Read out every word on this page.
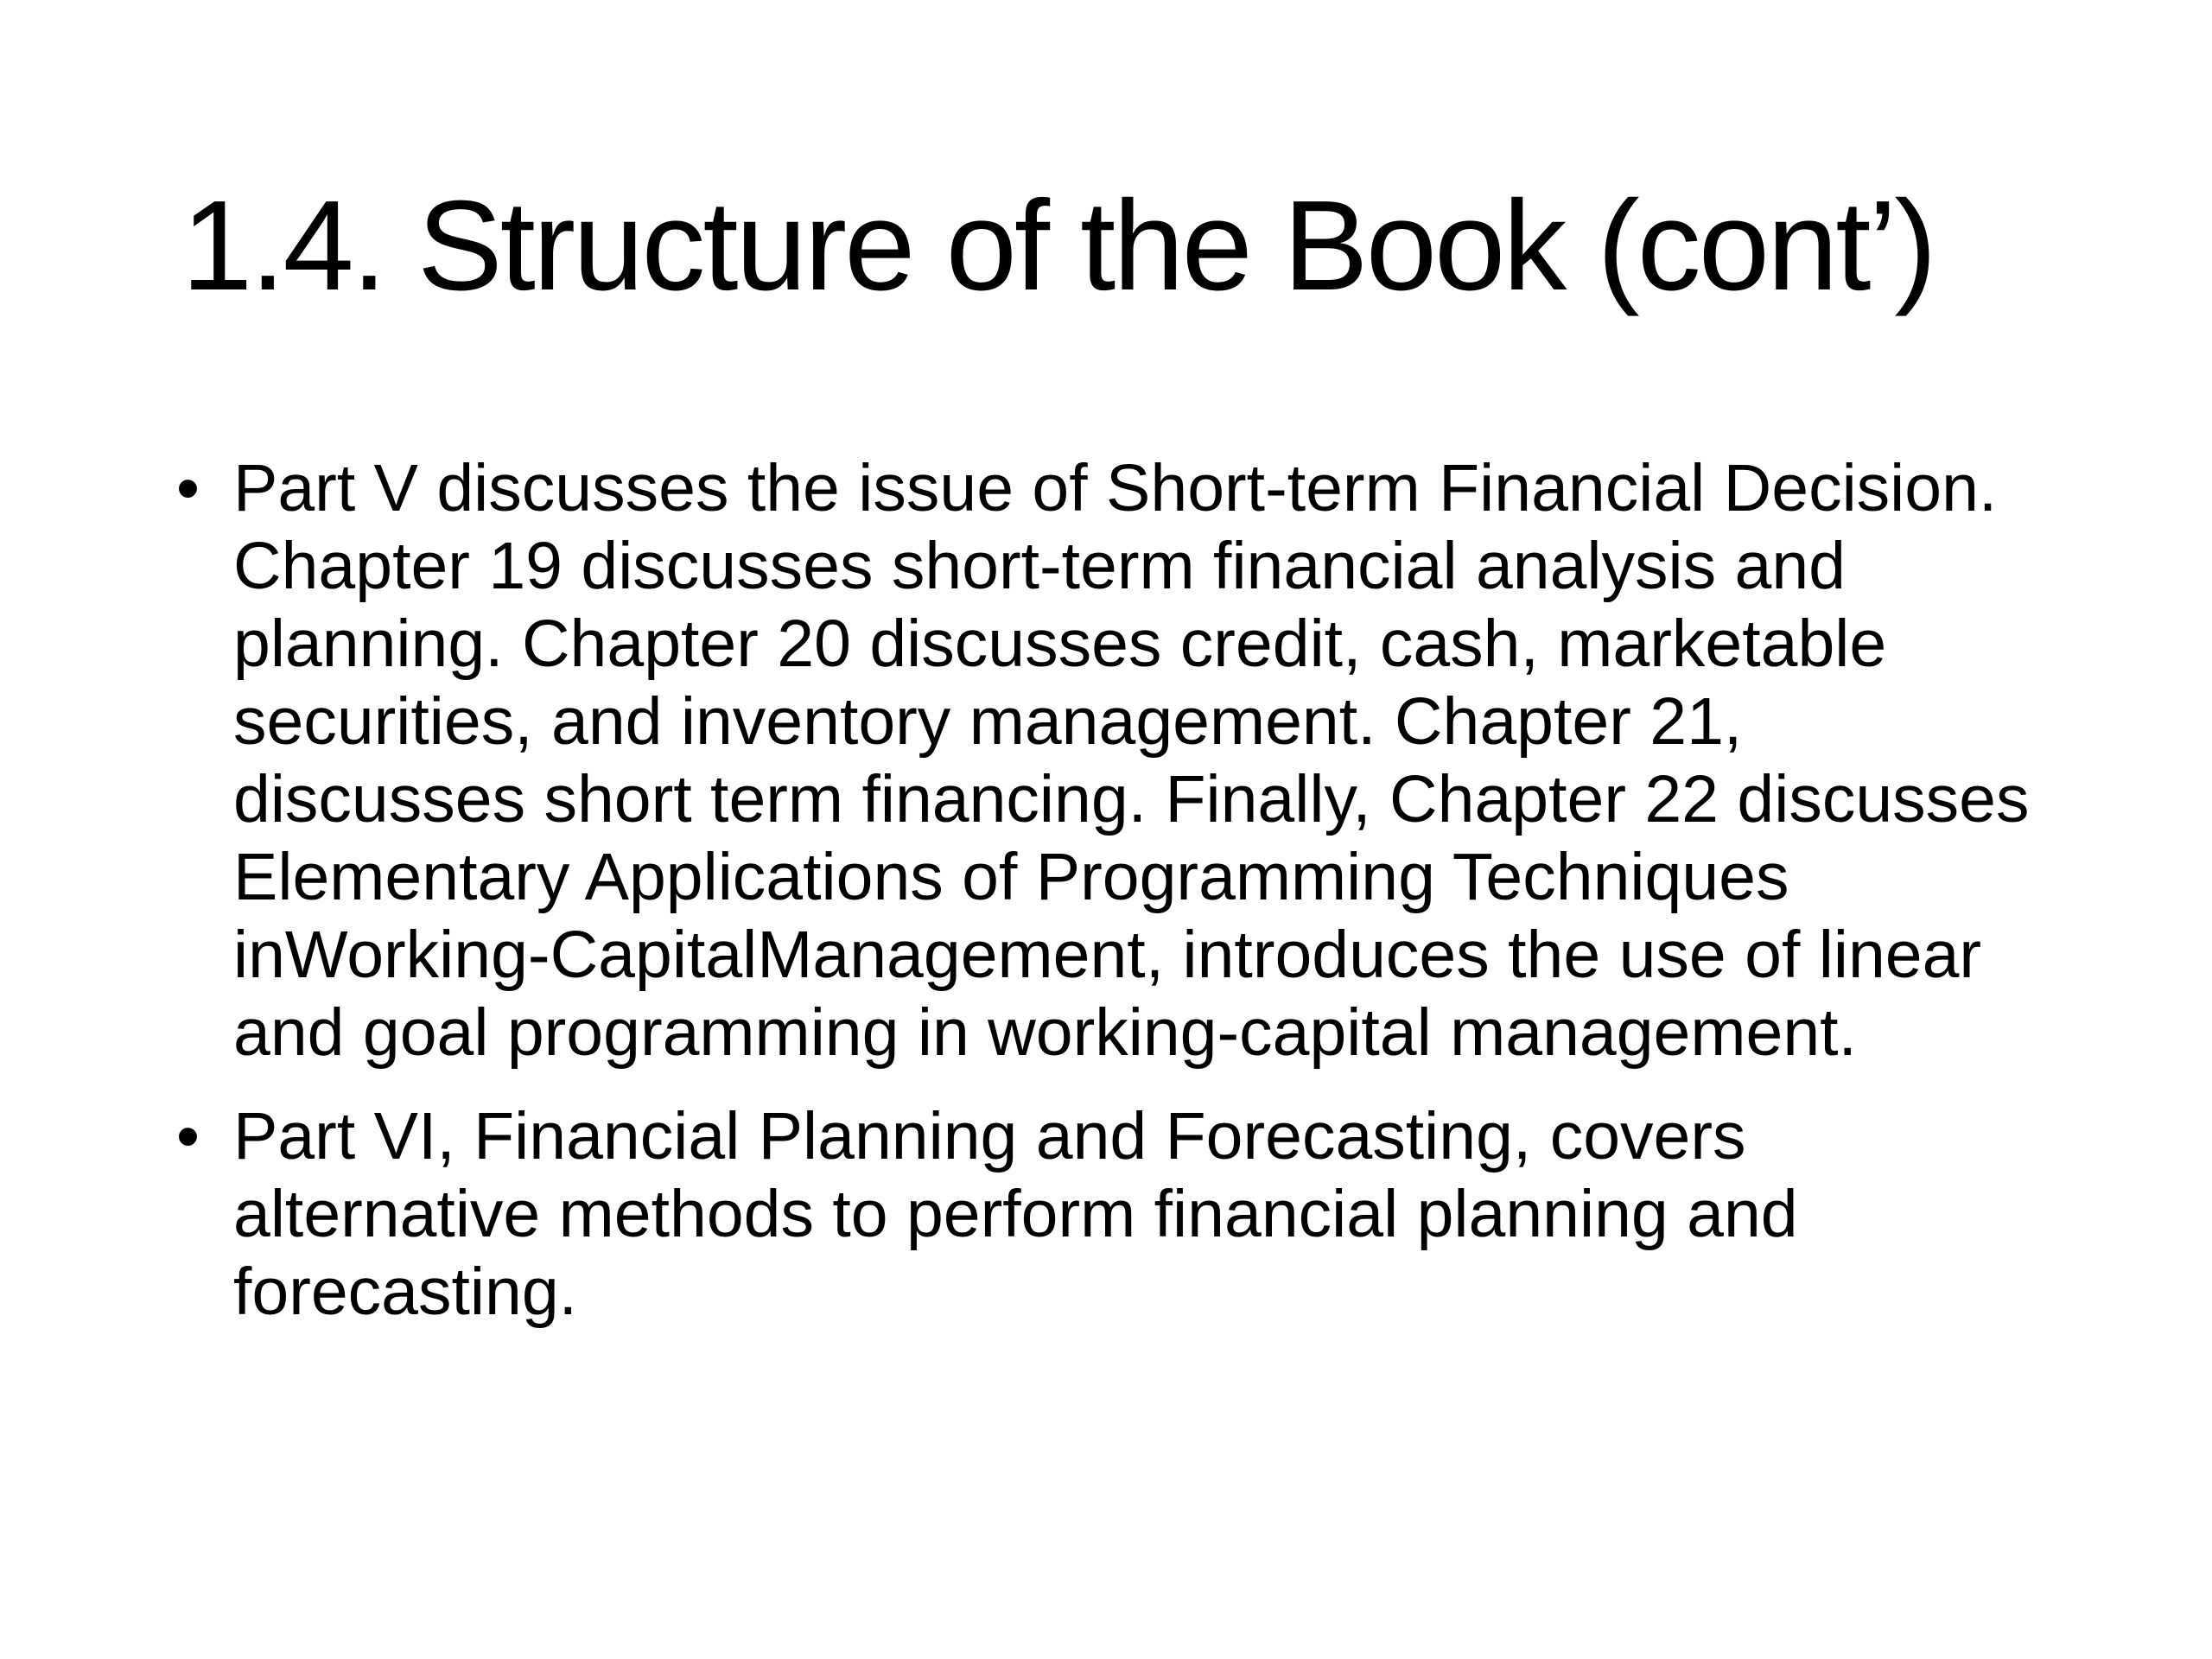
1.4. Structure of the Book (cont’)
• Part V discusses the issue of Short-term Financial Decision. Chapter 19 discusses short-term financial analysis and planning. Chapter 20 discusses credit, cash, marketable securities, and inventory management. Chapter 21, discusses short term financing. Finally, Chapter 22 discusses Elementary Applications of Programming Techniques inWorking-CapitalManagement, introduces the use of linear and goal programming in working-capital management.
• Part VI, Financial Planning and Forecasting, covers alternative methods to perform financial planning and forecasting.
